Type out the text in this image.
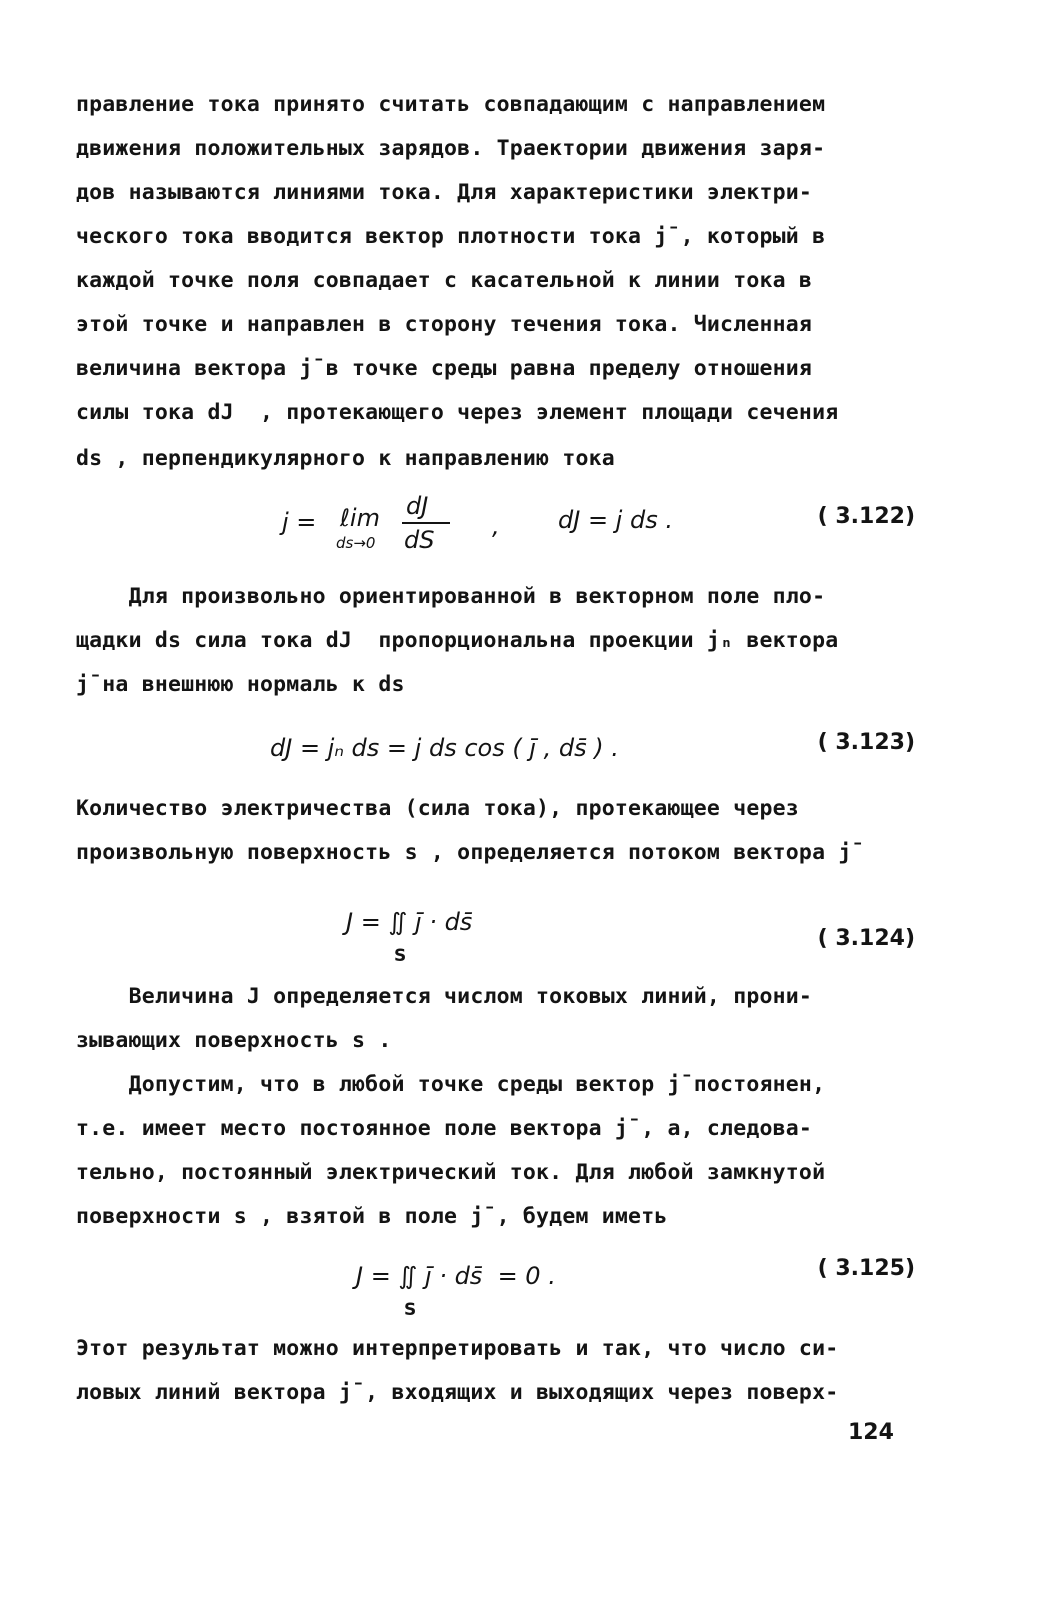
правление тока принято считать совпадающим с направлением
движения положительных зарядов. Траектории движения заря-
дов называются линиями тока. Для характеристики электри-
ческого тока вводится вектор плотности тока j̄ , который в
каждой точке поля совпадает с касательной к линии тока в
этой точке и направлен в сторону течения тока. Численная
величина вектора j̄ в точке среды равна пределу отношения
силы тока dJ  , протекающего через элемент площади сечения
ds , перпендикулярного к направлению тока
j = ℓim
ds→0
dJ
dS , dJ = j ds .	( 3.122)
Для произвольно ориентированной в векторном поле пло-
щадки ds сила тока dJ  пропорциональна проекции jₙ вектора
j̄ на внешнюю нормаль к ds
dJ = jₙ ds = j ds cos ( j̄ , ds̄ ) .	( 3.123)
Количество электричества (сила тока), протекающее через
произвольную поверхность s , определяется потоком вектора j̄
J = ∬ j̄ · ds̄
S
( 3.124)
Величина J определяется числом токовых линий, прони-
зывающих поверхность s .
Допустим, что в любой точке среды вектор j̄ постоянен,
т.е. имеет место постоянное поле вектора j̄ , а, следова-
тельно, постоянный электрический ток. Для любой замкнутой
поверхности s , взятой в поле j̄ , будем иметь
J = ∬ j̄ · ds̄  = 0 .
S
( 3.125)
Этот результат можно интерпретировать и так, что число си-
ловых линий вектора j̄ , входящих и выходящих через поверх-
124
